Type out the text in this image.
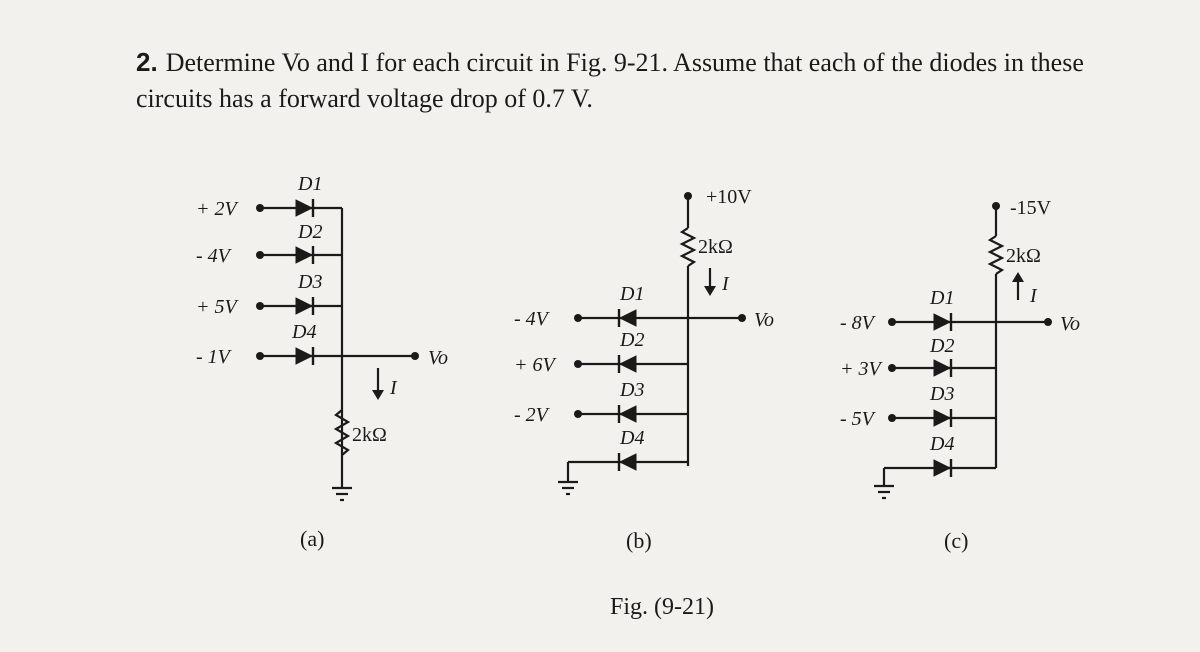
2. Determine Vo and I for each circuit in Fig. 9-21. Assume that each of the diodes in these circuits has a forward voltage drop of 0.7 V.
+ 2V
- 4V
+ 5V
- 1V
D1
D2
D3
D4
Vo
I
2kΩ
(a)
+10V
2kΩ
I
Vo
- 4V
+ 6V
- 2V
D1
D2
D3
D4
(b)
-15V
2kΩ
I
Vo
- 8V
+ 3V
- 5V
D1
D2
D3
D4
(c)
Fig. (9-21)
